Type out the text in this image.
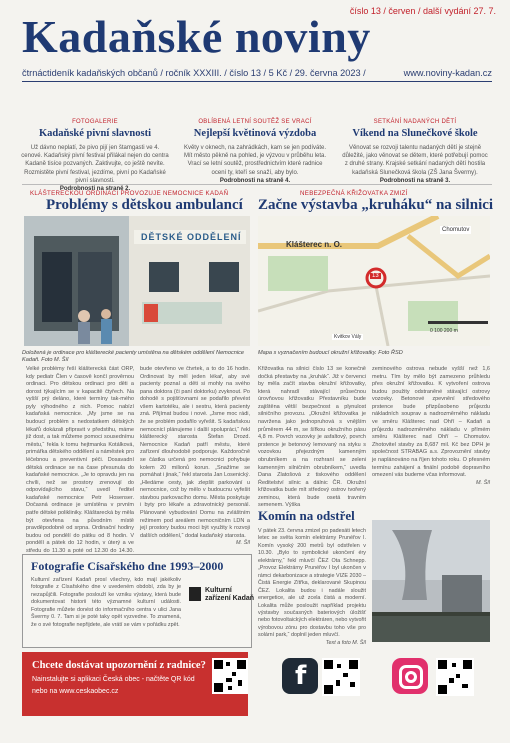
číslo 13 / červen / další vydání 27. 7.
Kadaňské noviny
čtrnáctideník kadaňských občanů / ročník XXXIII. / číslo 13 / 5 Kč / 29. června 2023 /	www.noviny-kadan.cz
FOTOGALERIE
Kadaňské pivní slavnosti
Už dávno neplatí, že pivo pijí jen štamgasti ve 4. cenové. Kadaňský pivní festival přilákal nejen do centra Kadaně tisíce pozvaných. Zaktivujte, co ještě nevíte. Rozmistěte pivní festival, jezdíme, pivní po Kadaňské pivní slavnosti.
Podrobnosti na straně 2.
OBLÍBENÁ LETNÍ SOUTĚŽ SE VRACÍ
Nejlepší květinová výzdoba
Květy v oknech, na zahrádkách, kam se jen podíváte. Mít město pěkně na pohled, je výzvou v průběhu leta. Vrací se letní soutěž, prostřednictvím které radnice ocení ty, kteří se snaží, aby bylo.
Podrobnosti na straně 4.
SETKÁNÍ NADANÝCH DĚTÍ
Víkend na Slunečkové škole
Věnovat se rozvoji talentu nadaných dětí je stejně důležité, jako věnovat se dětem, které potřebují pomoc z druhé strany. Krajské setkání nadaných dětí hostila kadaňská Slunečková škola (ZŠ Jana Švermy).
Podrobnosti na straně 3.
KLÁŠTERECKOU ORDINACI PROVOZUJE NEMOCNICE KADAŇ
Problémy s dětskou ambulancí
DĚTSKÉ ODDĚLENÍ
Doložená je ordinace pro klášterecké pacienty umístěna na dětském oddělení Nemocnice Kadaň. Foto M. Šíl
NEBEZPEČNÁ KŘIŽOVATKA ZMIZÍ
Začne výstavba „kruháku“ na silnici
Klášterec n. O.
Chomutov
13
Kvitkov Vály
0 100 200 m
Mapa s vyznačením budoucí okružní křižovatky. Foto ŘSD
Velké problémy řeší klášterecká část ORP, kdy pediatr Člen v časově končí prověrnou ordinaci. Pro dětskou ordinaci pro děti a dorost týkajícím se v kapacitě čtyřech. Na vyšší prý deláno, které termíny tak-mého pyly výhodného z nich. Pomoc nabízí kadaňská nemocnice. „My jsme se na budoucí problém s nedostatkem dětských lékařů dokázali připravit v předstihu, máme již dost, a tak můžeme pomoci sousednímu městu,“ řekla k tomu hejtmanka Kotálková, primářka dětského oddělení a náměstek pro léčebnou a preventivní péči. Dosavadní dětská ordinace se na čase přesunula do kadaňské nemocnice. „Je to opravdu jen na chvíli, než se prostory zrenovují do odpovídajícího stavu,“ uvedl ředitel kadaňské nemocnice Petr Hosenser. Dočasná ordinace je umístěna v prvním patře dětské polikliniky. Kláštarecká by měla být otevřena na původním místě pravděpodobně od srpna. Ordinační hodiny budou od pondělí do pátku od 8 hodin. V pondělí a pátek do 12 hodin, v úterý a ve středu do 11.30 a poté od 12.30 do 14.30.
bude otevřeno ve čtvrtek, a to do 16 hodin. Ordinovat by měl jeden lékař, aby své pacienty poznal a děti si mohly na svého pana doktora (či paní doktorku) zvyknout. Po dohodě s pojišťovnami se podařilo převést všem kartotéku, ale i sestru, která pacienty zná. Přijímat budou i nové. „Jsme moc rádi, že se problém podařilo vyřešit. S kadaňskou nemocnicí plánujeme i další spolupráci,“ řekl klášterecký starosta Štefan Drozd. Nemocnice Kadaň patří městu, které zařízení dlouhodobě podporuje. Každoročně se částka určená pro nemocnici pohybuje kolem 20 milionů korun. „Snažíme se pomáhat i jinak,“ řekl starosta Jan Losenický. „Hledáme cesty, jak zlepšit parkování u nemocnice, což by mělo v budoucnu vyřešit stavbou parkovacího domu. Města poskytuje i byty pro lékaře a zdravotnický personál. Plánované vybudování Domu na zvláštním režimem pod areálem nemocničním LDN a její prostory budou moci být využity k rozvoji dalších oddělení,“ dodal kadaňský starosta.
M. Šíl
Křižovatka na silnici číslo 13 se konečně dočká přestavby na „kruhák“. Již v červenci by měla začít stavba okružní křižovatky, která nahradí stávající průsečnou úrovňovou křižovatku Přestavníku bude zajištěna větší bezpečnost a plynulost silničního provozu. „Okružní křižovatka je navržena jako jednopruhová s vnějším průměrem 44 m, se šířkou okružního pásu 4,8 m. Povrch vozovky je asfaltový, povrch prstence je betonový lemovaný na styku s vozovkou přejezdným kamenným obrubníkem a na rozhraní se zeleni kamenným silničním obrubníkem,“ uvedla Dana Zlatošová z tiskového oddělení Ředitelství silnic a dálnic ČR. Okružní křižovatka bude mít středový ostrov tvořený zeminou, která bude osetá travním semenem. Výška
zeminového ostrova nebude vyšší než 1,6 metru. Tím by mělo být zamezeno průhledu přes okružní křižovatku. K vytvoření ostrova budou použity odstraněné stávající ostrovy vozovky. Betonové zpevnění středového prstence bude přizpůsobeno průjezdu nákladních souprav a nadrozměrného nákladu ve směru Klášterec nad Ohří – Kadaň a průjezdu nadrozměrného nákladu v přímém směru Klášterec nad Ohří – Chomutov. Zhotovitel stavby za 8,687 mil. Kč bez DPH je společnost STRABAG a.s. Zprovoznění stavby je naplánováno na říjen tohoto roku. O přesném termínu zahájení a finální podobě dopravního omezení vás budeme včas informovat.
M. Šíl
Komín na odstřel
V pátek 23. června zmizel po padesáti letech letec se světa komín elektrárny Prunéřov I. Komín vysoký 200 metrů byl odstřelen v 10.30. „Bylo to symbolické ukončení éry elektrárny,“ řekl mluvčí ČEZ Ota Schnepp. „Provoz Elektrárny Prunéřov I byl ukončen v rámci dekarbonizace a strategie VIZE 2030 – Čistá Energie Zítřka, deklarované Skupinou ČEZ. Lokalita budou i nadále sloužit energetice, ale už zcela čistá a moderní. Lokalita může posloužit například projektu výstavby současných bateriových úložišť nebo fotovoltaických elektráren, nebo vytvořit výrobovou zónu pro dostavbu toho vše pro solární park,“ doplnil jeden mluvčí.
Text a foto M. Šíl
Fotografie Císařského dne 1993–2000
Kulturní zařízení Kadaň prosí všechny, kdo mají jakékoliv fotografie z Císařského dne v uvedeném období, zda by je nezapůjčili. Fotografie poslouží ke vzniku výstavy, která bude dokumentovat historii této významné kulturní události. Fotografie můžete donést do informačního centra v ulici Jana Švermy 0. 7. Tam si je poté taky opět vyzvedne. To znamená, že o své fotografie nepřijdete, ale vrátí se vám v pořádku zpět.
Kulturní
zařízení Kadaň
Chcete dostávat upozornění z radnice?
Nainstalujte si aplikaci Česká obec - načtěte QR kód
nebo na www.ceskaobec.cz
f
